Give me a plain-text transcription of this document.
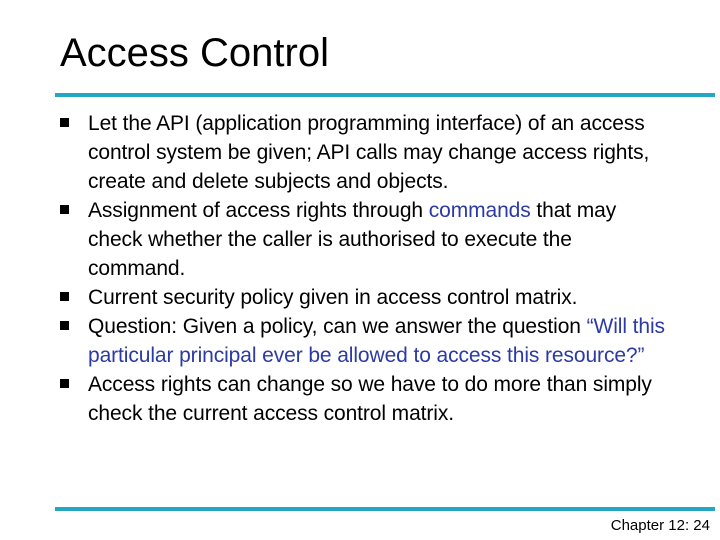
Access Control
Let the API (application programming interface) of an access control system be given; API calls may change access rights, create and delete subjects and objects.
Assignment of access rights through commands that may check whether the caller is authorised to execute the command.
Current security policy given in access control matrix.
Question: Given a policy, can we answer the question “Will this particular principal ever be allowed to access this resource?”
Access rights can change so we have to do more than simply check the current access control matrix.
Chapter 12: 24
